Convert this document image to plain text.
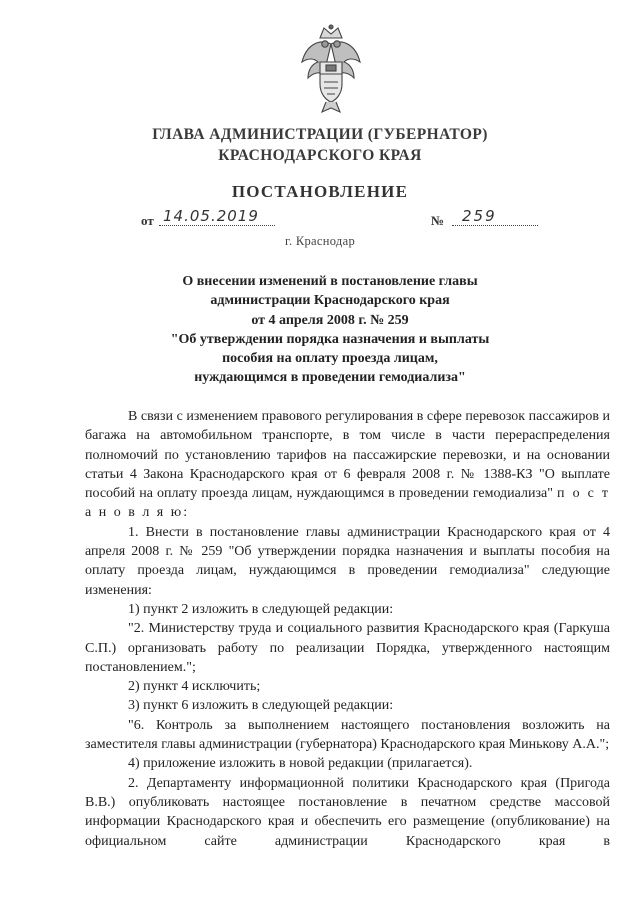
ГЛАВА АДМИНИСТРАЦИИ (ГУБЕРНАТОР)
КРАСНОДАРСКОГО КРАЯ
ПОСТАНОВЛЕНИЕ
от 14.05.2019	№	259
г. Краснодар
О внесении изменений в постановление главы
администрации Краснодарского края
от 4 апреля 2008 г. № 259
"Об утверждении порядка назначения и выплаты
пособия на оплату проезда лицам,
нуждающимся в проведении гемодиализа"

В связи с изменением правового регулирования в сфере перевозок пассажиров и багажа на автомобильном транспорте, в том числе в части перераспределения полномочий по установлению тарифов на пассажирские перевозки, и на основании статьи 4 Закона Краснодарского края от 6 февраля 2008 г. № 1388-КЗ "О выплате пособий на оплату проезда лицам, нуждающимся в проведении гемодиализа" п о с т а н о в л я ю:

1. Внести в постановление главы администрации Краснодарского края от 4 апреля 2008 г. № 259 "Об утверждении порядка назначения и выплаты пособия на оплату проезда лицам, нуждающимся в проведении гемодиализа" следующие изменения:

1) пункт 2 изложить в следующей редакции:

"2. Министерству труда и социального развития Краснодарского края (Гаркуша С.П.) организовать работу по реализации Порядка, утвержденного настоящим постановлением.";

2) пункт 4 исключить;

3) пункт 6 изложить в следующей редакции:

"6. Контроль за выполнением настоящего постановления возложить на заместителя главы администрации (губернатора) Краснодарского края Минькову А.А.";

4) приложение изложить в новой редакции (прилагается).

2. Департаменту информационной политики Краснодарского края (Пригода В.В.) опубликовать настоящее постановление в печатном средстве массовой информации Краснодарского края и обеспечить его размещение (опубликование) на официальном сайте администрации Краснодарского края в
